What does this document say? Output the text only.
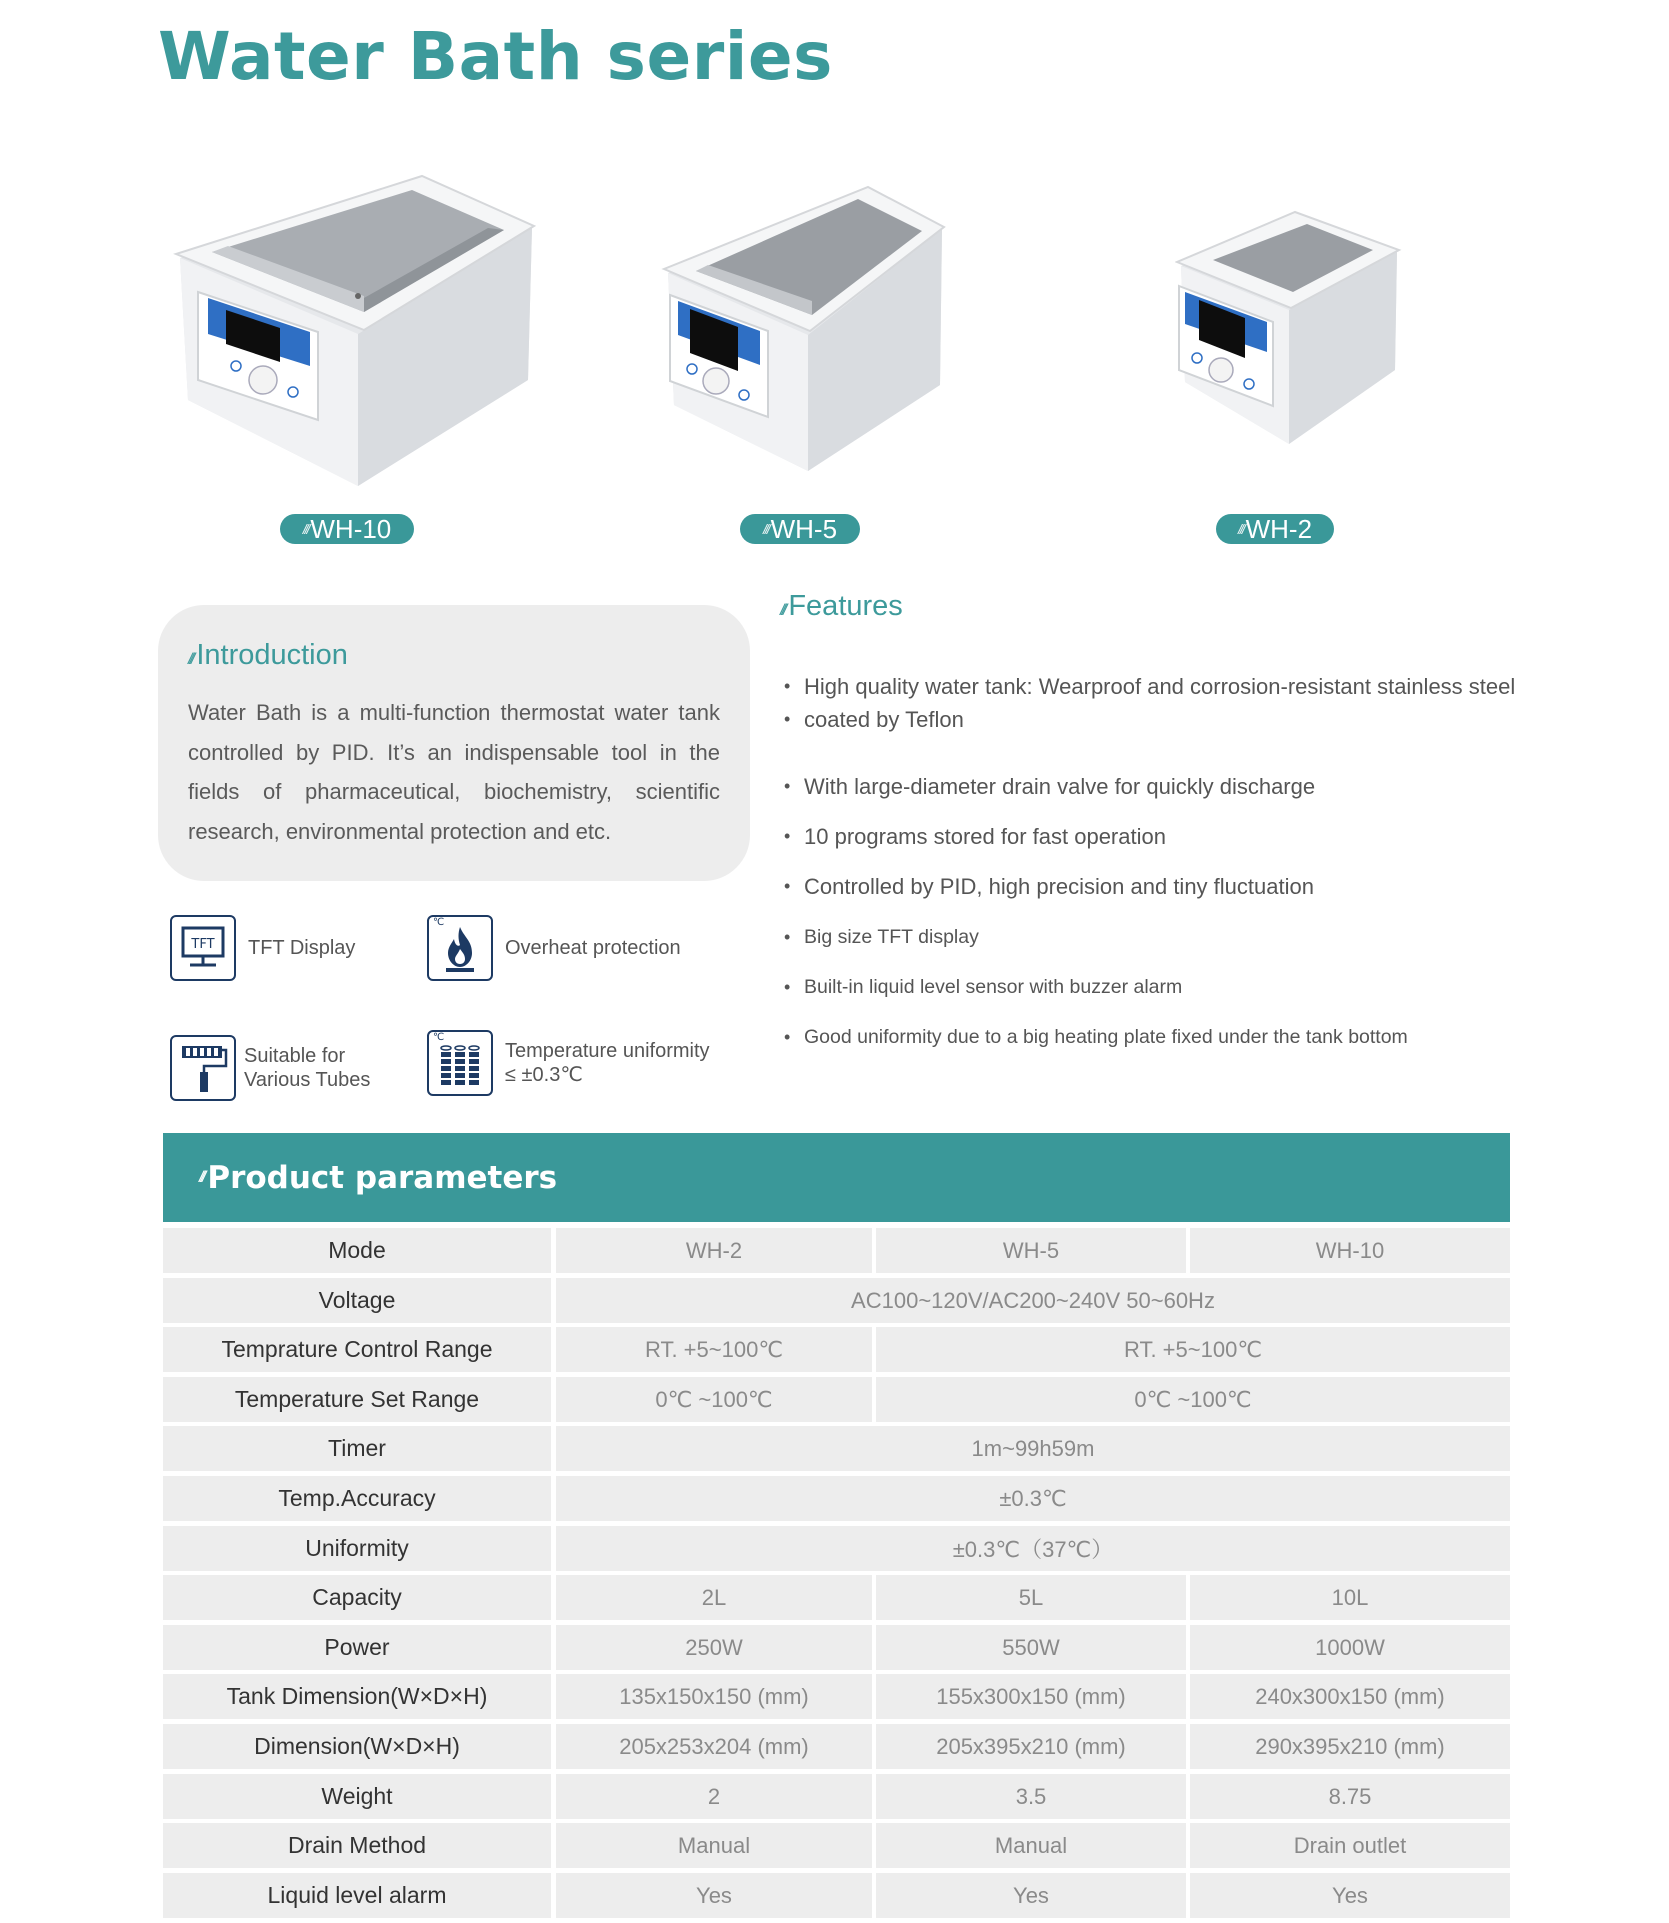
Water Bath series
/// WH-10	/// WH-5	/// WH-2
/// Introduction
Water Bath is a multi-function thermostat water tank controlled by PID. It’s an indispensable tool in the fields of pharmaceutical, biochemistry, scientific research, environmental protection and etc.
TFT TFT Display
℃
Overheat protection
Suitable for
Various Tubes
℃
Temperature uniformity
≤ ±0.3℃
/// Features
• High quality water tank: Wearproof and corrosion-resistant stainless steel
• coated by Teflon
• With large-diameter drain valve for quickly discharge
• 10 programs stored for fast operation
• Controlled by PID, high precision and tiny fluctuation
• Big size TFT display
• Built-in liquid level sensor with buzzer alarm
• Good uniformity due to a big heating plate fixed under the tank bottom
/// Product parameters
Mode	WH-2	WH-5	WH-10
Voltage	AC100~120V/AC200~240V 50~60Hz
Temprature Control Range	RT. +5~100℃	RT. +5~100℃
Temperature Set Range	0℃ ~100℃	0℃ ~100℃
Timer	1m~99h59m
Temp.Accuracy	±0.3℃
Uniformity	±0.3℃（37℃）
Capacity	2L	5L	10L
Power	250W	550W	1000W
Tank Dimension(W×D×H)	135x150x150 (mm)	155x300x150 (mm)	240x300x150 (mm)
Dimension(W×D×H)	205x253x204 (mm)	205x395x210 (mm)	290x395x210 (mm)
Weight	2	3.5	8.75
Drain Method	Manual	Manual	Drain outlet
Liquid level alarm	Yes	Yes	Yes
